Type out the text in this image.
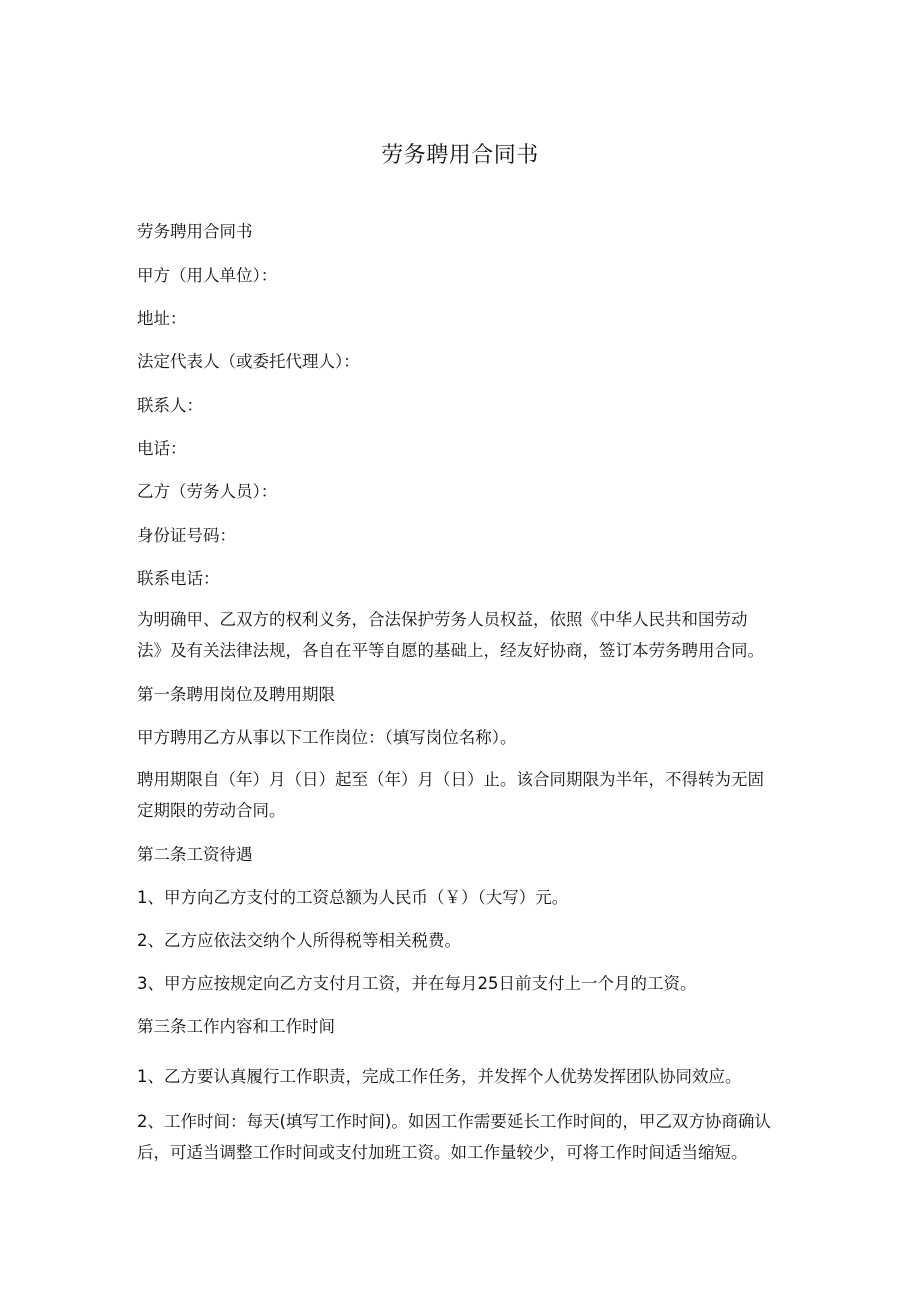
劳务聘用合同书
劳务聘用合同书
甲方（用人单位）：
地址：
法定代表人（或委托代理人）：
联系人：
电话：
乙方（劳务人员）：
身份证号码：
联系电话：
为明确甲、乙双方的权利义务，合法保护劳务人员权益，依照《中华人民共和国劳动
法》及有关法律法规，各自在平等自愿的基础上，经友好协商，签订本劳务聘用合同。
第一条聘用岗位及聘用期限
甲方聘用乙方从事以下工作岗位：（填写岗位名称）。
聘用期限自（年）月（日）起至（年）月（日）止。该合同期限为半年，不得转为无固
定期限的劳动合同。
第二条工资待遇
1、甲方向乙方支付的工资总额为人民币（￥）（大写）元。
2、乙方应依法交纳个人所得税等相关税费。
3、甲方应按规定向乙方支付月工资，并在每月25日前支付上一个月的工资。
第三条工作内容和工作时间
1、乙方要认真履行工作职责，完成工作任务，并发挥个人优势发挥团队协同效应。
2、工作时间：每天(填写工作时间)。如因工作需要延长工作时间的，甲乙双方协商确认
后，可适当调整工作时间或支付加班工资。如工作量较少，可将工作时间适当缩短。
